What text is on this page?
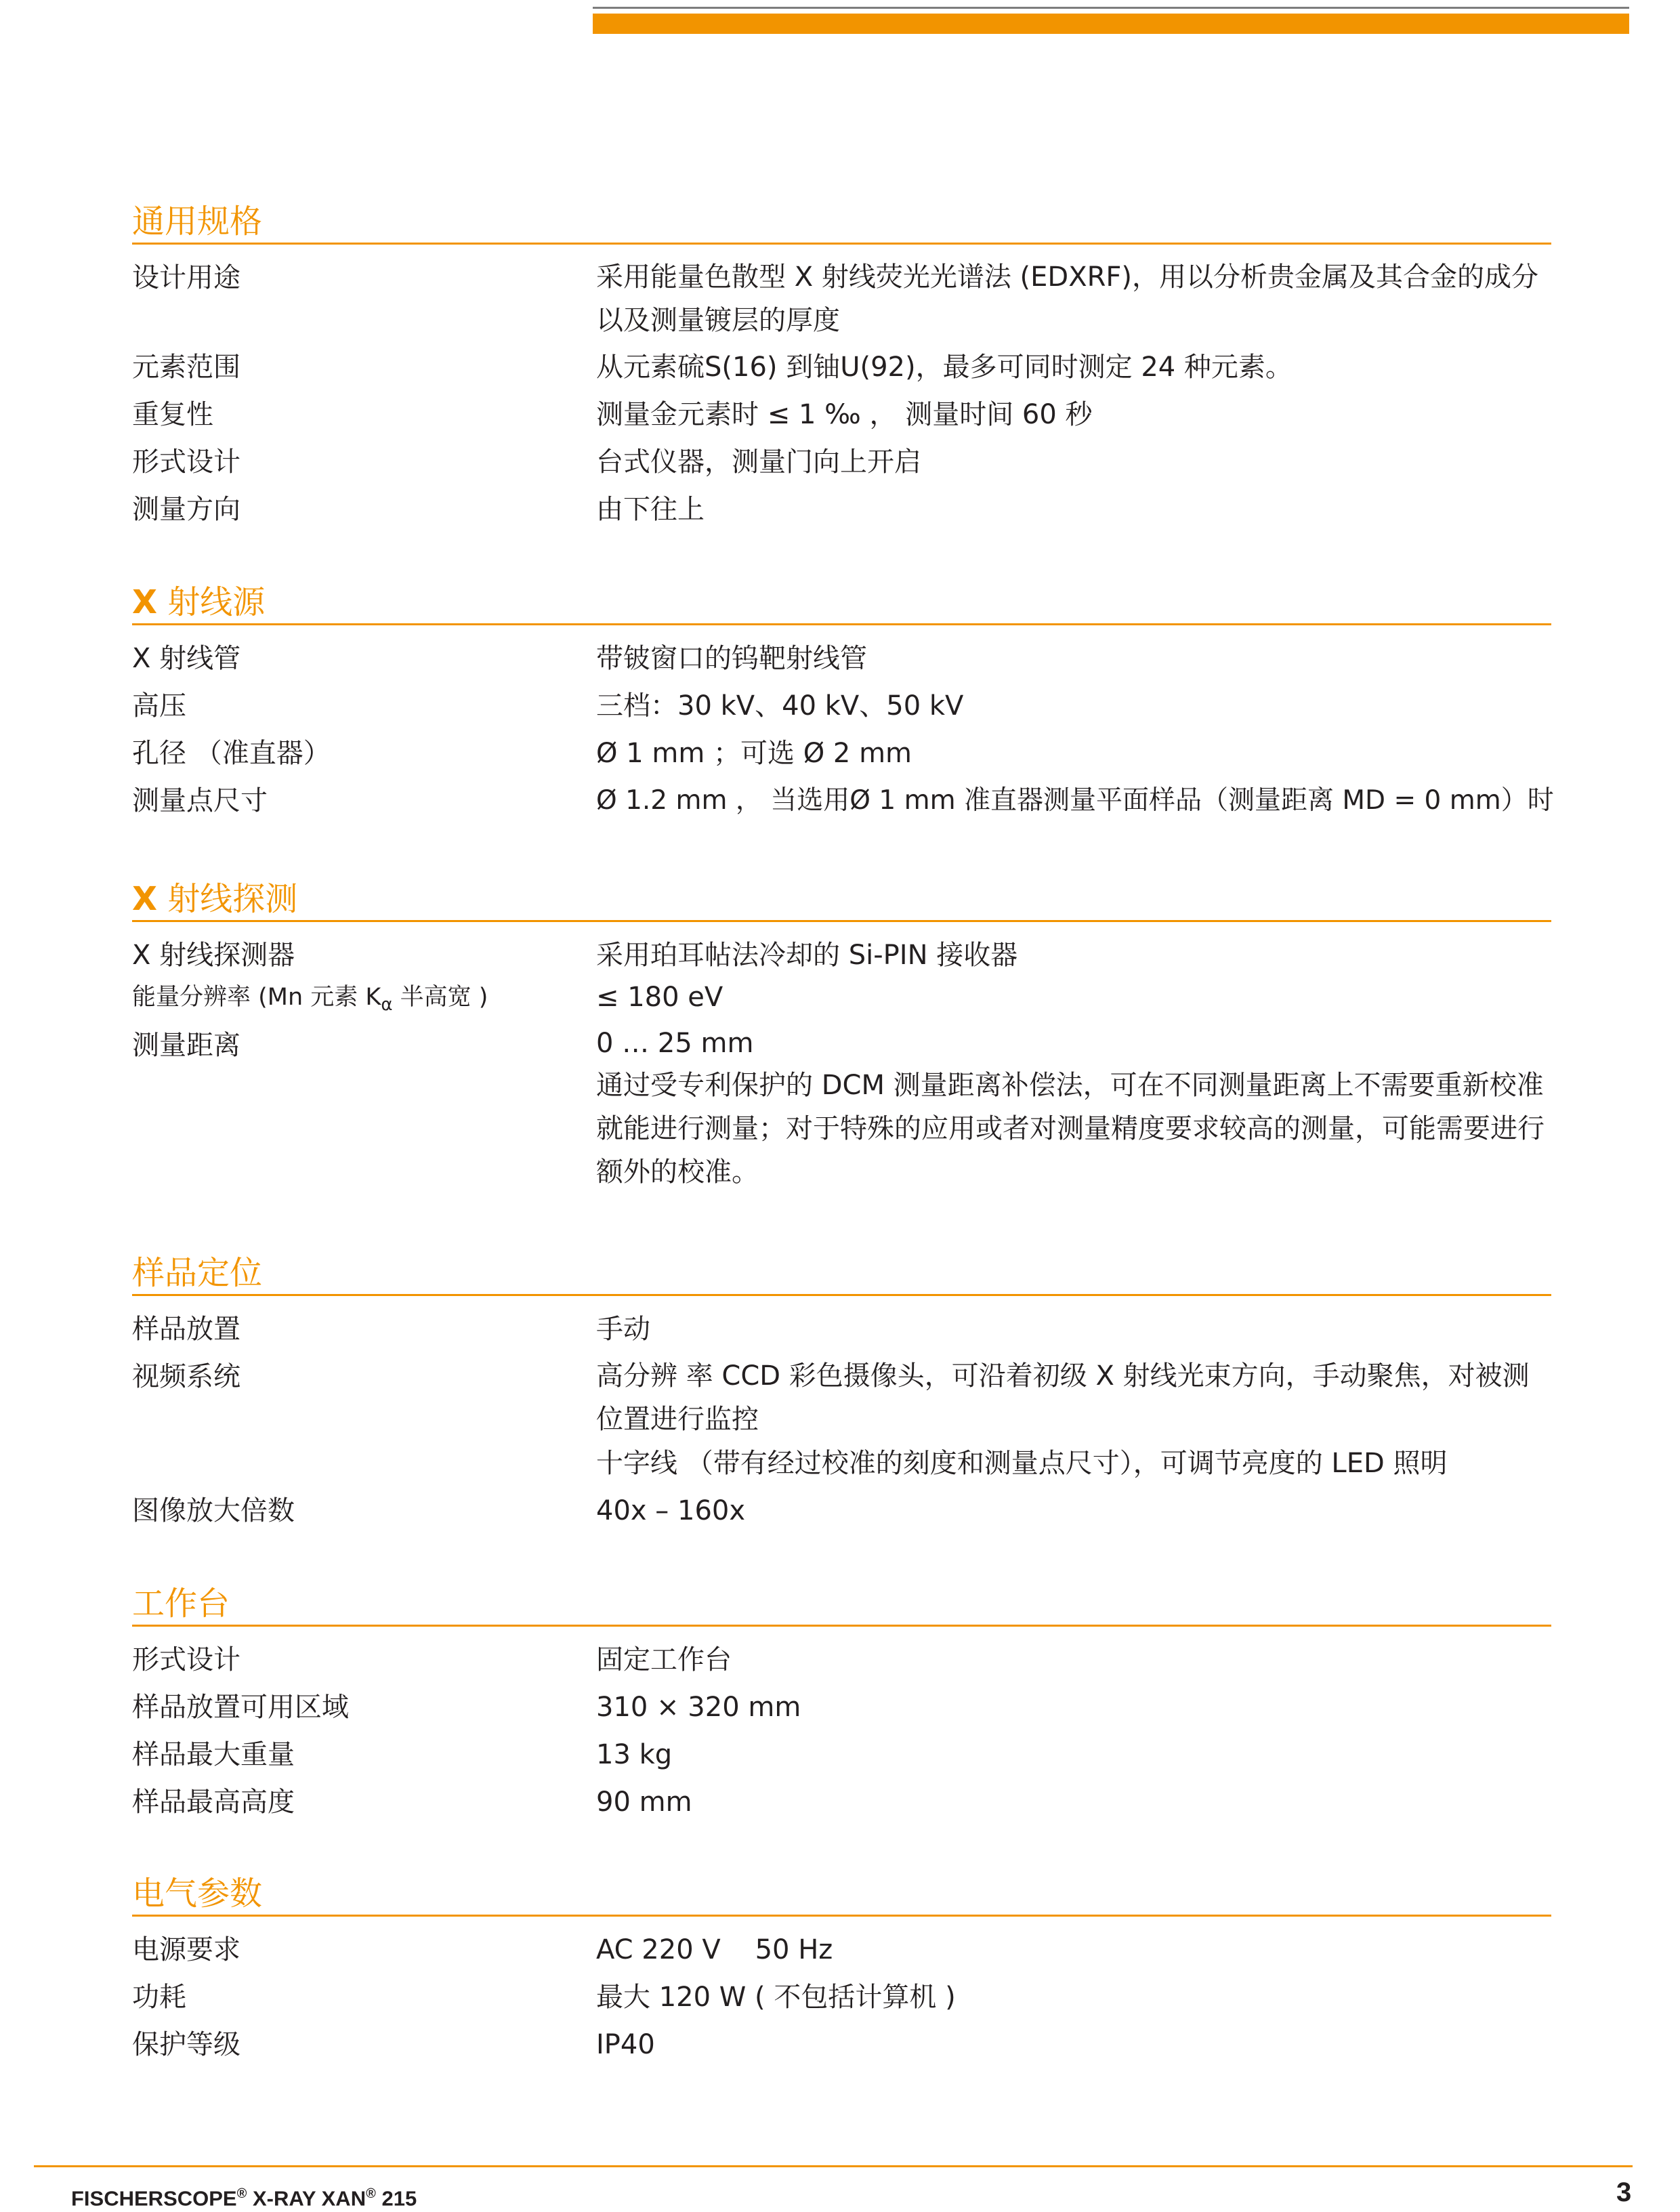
通用规格
设计用途	采用能量色散型 X 射线荧光光谱法 (EDXRF)，用以分析贵金属及其合金的成分以及测量镀层的厚度
元素范围	从元素硫S(16) 到铀U(92)，最多可同时测定 24 种元素。
重复性	测量金元素时 ≤ 1 ‰ ， 测量时间 60 秒
形式设计	台式仪器，测量门向上开启
测量方向	由下往上
X 射线源
X 射线管	带铍窗口的钨靶射线管
高压	三档：30 kV、40 kV、50 kV
孔径 （准直器）	Ø 1 mm ；可选 Ø 2 mm
测量点尺寸	Ø 1.2 mm ， 当选用Ø 1 mm 准直器测量平面样品（测量距离 MD = 0 mm）时
X 射线探测
X 射线探测器	采用珀耳帖法冷却的 Si-PIN 接收器
能量分辨率 (Mn 元素 $K_\alpha$ 半高宽 )	≤ 180 eV
测量距离	0 … 25 mm
通过受专利保护的 DCM 测量距离补偿法，可在不同测量距离上不需要重新校准就能进行测量；对于特殊的应用或者对测量精度要求较高的测量，可能需要进行额外的校准。
样品定位
样品放置	手动
视频系统	高分辨 率 CCD 彩色摄像头，可沿着初级 X 射线光束方向，手动聚焦，对被测位置进行监控
十字线 （带有经过校准的刻度和测量点尺寸），可调节亮度的 LED 照明
图像放大倍数	40x – 160x
工作台
形式设计	固定工作台
样品放置可用区域	310 × 320 mm
样品最大重量	13 kg
样品最高高度	90 mm
电气参数
电源要求	AC 220 V    50 Hz
功耗	最大 120 W ( 不包括计算机 )
保护等级	IP40
FISCHERSCOPE® X-RAY XAN® 215	3
